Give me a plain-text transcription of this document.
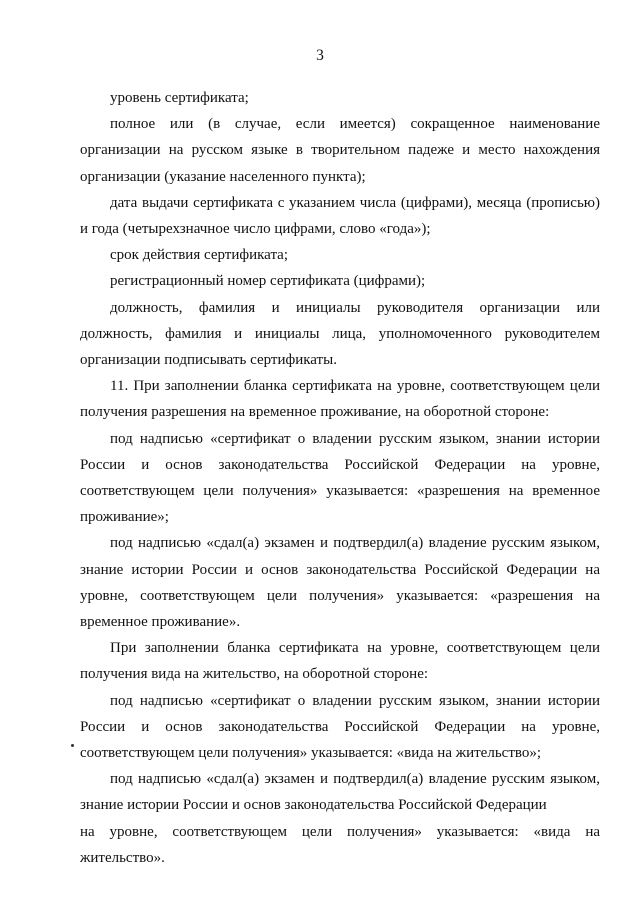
3

уровень сертификата;

полное или (в случае, если имеется) сокращенное наименование организации на русском языке в творительном падеже и место нахождения организации (указание населенного пункта);

дата выдачи сертификата с указанием числа (цифрами), месяца (прописью) и года (четырехзначное число цифрами, слово «года»);

срок действия сертификата;

регистрационный номер сертификата (цифрами);

должность, фамилия и инициалы руководителя организации или должность, фамилия и инициалы лица, уполномоченного руководителем организации подписывать сертификаты.

11. При заполнении бланка сертификата на уровне, соответствующем цели получения разрешения на временное проживание, на оборотной стороне:

под надписью «сертификат о владении русским языком, знании истории России и основ законодательства Российской Федерации на уровне, соответствующем цели получения» указывается: «разрешения на временное проживание»;

под надписью «сдал(а) экзамен и подтвердил(а) владение русским языком, знание истории России и основ законодательства Российской Федерации на уровне, соответствующем цели получения» указывается: «разрешения на временное проживание».

При заполнении бланка сертификата на уровне, соответствующем цели получения вида на жительство, на оборотной стороне:

под надписью «сертификат о владении русским языком, знании истории России и основ законодательства Российской Федерации на уровне, соответствующем цели получения» указывается: «вида на жительство»;

под надписью «сдал(а) экзамен и подтвердил(а) владение русским языком, знание истории России и основ законодательства Российской Федерации

на уровне, соответствующем цели получения» указывается: «вида на жительство».
